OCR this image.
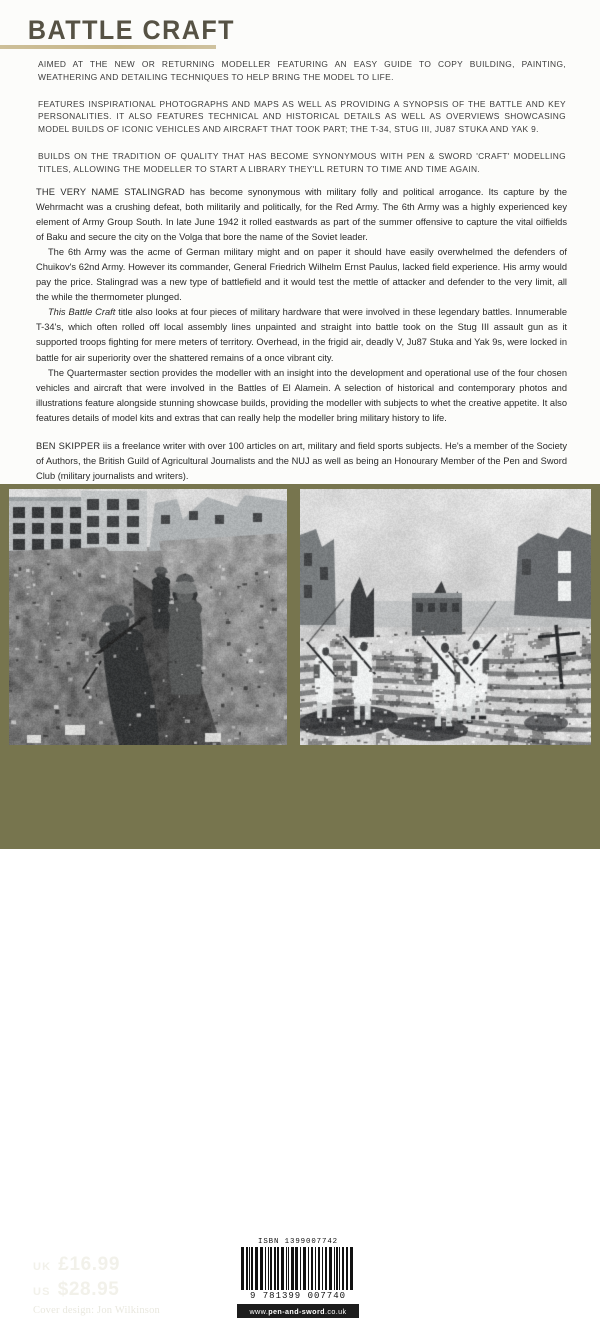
BATTLE CRAFT

AIMED AT THE NEW OR RETURNING MODELLER FEATURING AN EASY GUIDE TO COPY BUILDING, PAINTING, WEATHERING AND DETAILING TECHNIQUES TO HELP BRING THE MODEL TO LIFE.

FEATURES INSPIRATIONAL PHOTOGRAPHS AND MAPS AS WELL AS PROVIDING A SYNOPSIS OF THE BATTLE AND KEY PERSONALITIES. IT ALSO FEATURES TECHNICAL AND HISTORICAL DETAILS AS WELL AS OVERVIEWS SHOWCASING MODEL BUILDS OF ICONIC VEHICLES AND AIRCRAFT THAT TOOK PART; THE T-34, STUG III, JU87 STUKA AND YAK 9.

BUILDS ON THE TRADITION OF QUALITY THAT HAS BECOME SYNONYMOUS WITH PEN & SWORD 'CRAFT' MODELLING TITLES, ALLOWING THE MODELLER TO START A LIBRARY THEY'LL RETURN TO TIME AND TIME AGAIN.

THE VERY NAME STALINGRAD has become synonymous with military folly and political arrogance. Its capture by the Wehrmacht was a crushing defeat, both militarily and politically, for the Red Army. The 6th Army was a highly experienced key element of Army Group South. In late June 1942 it rolled eastwards as part of the summer offensive to capture the vital oilfields of Baku and secure the city on the Volga that bore the name of the Soviet leader.

The 6th Army was the acme of German military might and on paper it should have easily overwhelmed the defenders of Chuikov's 62nd Army. However its commander, General Friedrich Wilhelm Ernst Paulus, lacked field experience. His army would pay the price. Stalingrad was a new type of battlefield and it would test the mettle of attacker and defender to the very limit, all the while the thermometer plunged.

This Battle Craft title also looks at four pieces of military hardware that were involved in these legendary battles. Innumerable T-34's, which often rolled off local assembly lines unpainted and straight into battle took on the Stug III assault gun as it supported troops fighting for mere meters of territory. Overhead, in the frigid air, deadly V, Ju87 Stuka and Yak 9s, were locked in battle for air superiority over the shattered remains of a once vibrant city.

The Quartermaster section provides the modeller with an insight into the development and operational use of the four chosen vehicles and aircraft that were involved in the Battles of El Alamein. A selection of historical and contemporary photos and illustrations feature alongside stunning showcase builds, providing the modeller with subjects to whet the creative appetite. It also features details of model kits and extras that can really help the modeller bring military history to life.

BEN SKIPPER iis a freelance writer with over 100 articles on art, military and field sports subjects. He's a member of the Society of Authors, the British Guild of Agricultural Journalists and the NUJ as well as being an Honourary Member of the Pen and Sword Club (military journalists and writers).

UK £16.99
US $28.95
Cover design: Jon Wilkinson
ISBN 1399007742
9 781399 007740
www.pen-and-sword.co.uk
